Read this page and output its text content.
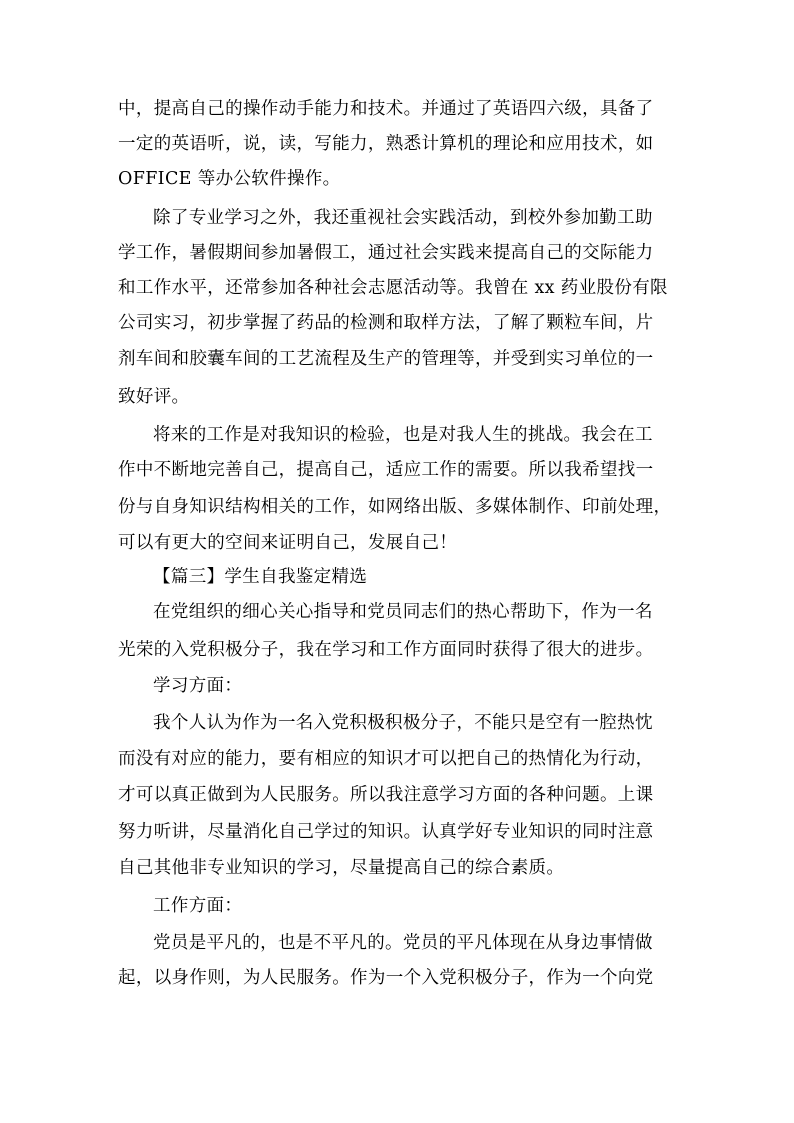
中，提高自己的操作动手能力和技术。并通过了英语四六级，具备了
一定的英语听，说，读，写能力，熟悉计算机的理论和应用技术，如
OFFICE 等办公软件操作。
除了专业学习之外，我还重视社会实践活动，到校外参加勤工助
学工作，暑假期间参加暑假工，通过社会实践来提高自己的交际能力
和工作水平，还常参加各种社会志愿活动等。我曾在 xx 药业股份有限
公司实习，初步掌握了药品的检测和取样方法，了解了颗粒车间，片
剂车间和胶囊车间的工艺流程及生产的管理等，并受到实习单位的一
致好评。
将来的工作是对我知识的检验，也是对我人生的挑战。我会在工
作中不断地完善自己，提高自己，适应工作的需要。所以我希望找一
份与自身知识结构相关的工作，如网络出版、多媒体制作、印前处理，
可以有更大的空间来证明自己，发展自己！
【篇三】学生自我鉴定精选
在党组织的细心关心指导和党员同志们的热心帮助下，作为一名
光荣的入党积极分子，我在学习和工作方面同时获得了很大的进步。
学习方面：
我个人认为作为一名入党积极积极分子，不能只是空有一腔热忱
而没有对应的能力，要有相应的知识才可以把自己的热情化为行动，
才可以真正做到为人民服务。所以我注意学习方面的各种问题。上课
努力听讲，尽量消化自己学过的知识。认真学好专业知识的同时注意
自己其他非专业知识的学习，尽量提高自己的综合素质。
工作方面：
党员是平凡的，也是不平凡的。党员的平凡体现在从身边事情做
起，以身作则，为人民服务。作为一个入党积极分子，作为一个向党
